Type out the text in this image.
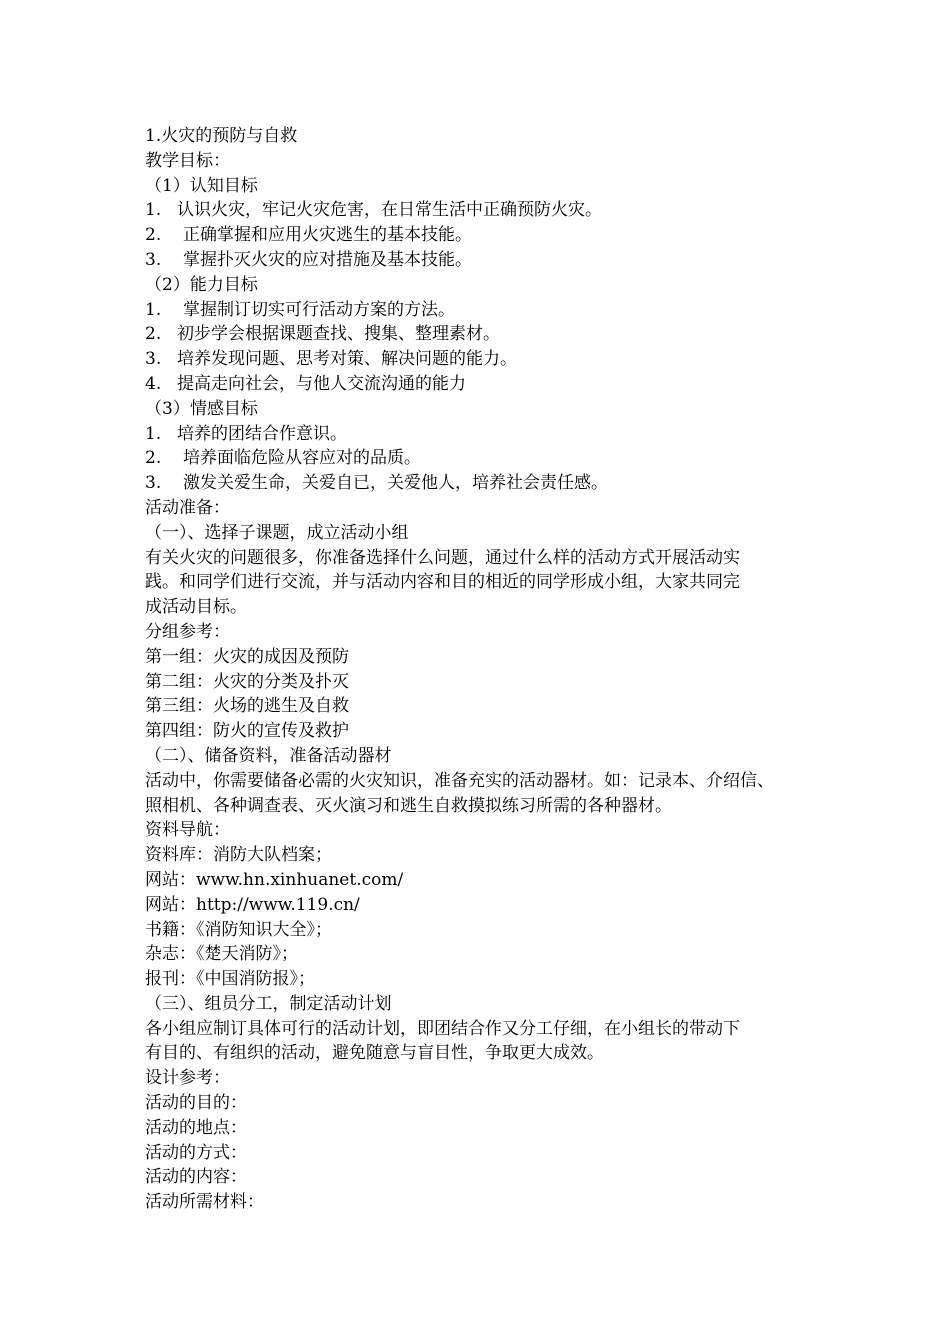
1.火灾的预防与自救
教学目标：
（1）认知目标
1. 认识火灾，牢记火灾危害，在日常生活中正确预防火灾。
2. 正确掌握和应用火灾逃生的基本技能。
3. 掌握扑灭火灾的应对措施及基本技能。
（2）能力目标
1. 掌握制订切实可行活动方案的方法。
2. 初步学会根据课题查找、搜集、整理素材。
3. 培养发现问题、思考对策、解决问题的能力。
4. 提高走向社会，与他人交流沟通的能力
（3）情感目标
1. 培养的团结合作意识。
2. 培养面临危险从容应对的品质。
3. 激发关爱生命，关爱自已，关爱他人，培养社会责任感。
活动准备：
（一）、选择子课题，成立活动小组
有关火灾的问题很多，你准备选择什么问题，通过什么样的活动方式开展活动实
践。和同学们进行交流，并与活动内容和目的相近的同学形成小组，大家共同完
成活动目标。
分组参考：
第一组：火灾的成因及预防
第二组：火灾的分类及扑灭
第三组：火场的逃生及自救
第四组：防火的宣传及救护
（二）、储备资料，准备活动器材
活动中，你需要储备必需的火灾知识，准备充实的活动器材。如：记录本、介绍信、
照相机、各种调查表、灭火演习和逃生自救摸拟练习所需的各种器材。
资料导航：
资料库：消防大队档案；
网站：www.hn.xinhuanet.com/
网站：http://www.119.cn/
书籍：《消防知识大全》；
杂志：《楚天消防》；
报刊：《中国消防报》；
（三）、组员分工，制定活动计划
各小组应制订具体可行的活动计划，即团结合作又分工仔细，在小组长的带动下
有目的、有组织的活动，避免随意与盲目性，争取更大成效。
设计参考：
活动的目的：
活动的地点：
活动的方式：
活动的内容：
活动所需材料：
